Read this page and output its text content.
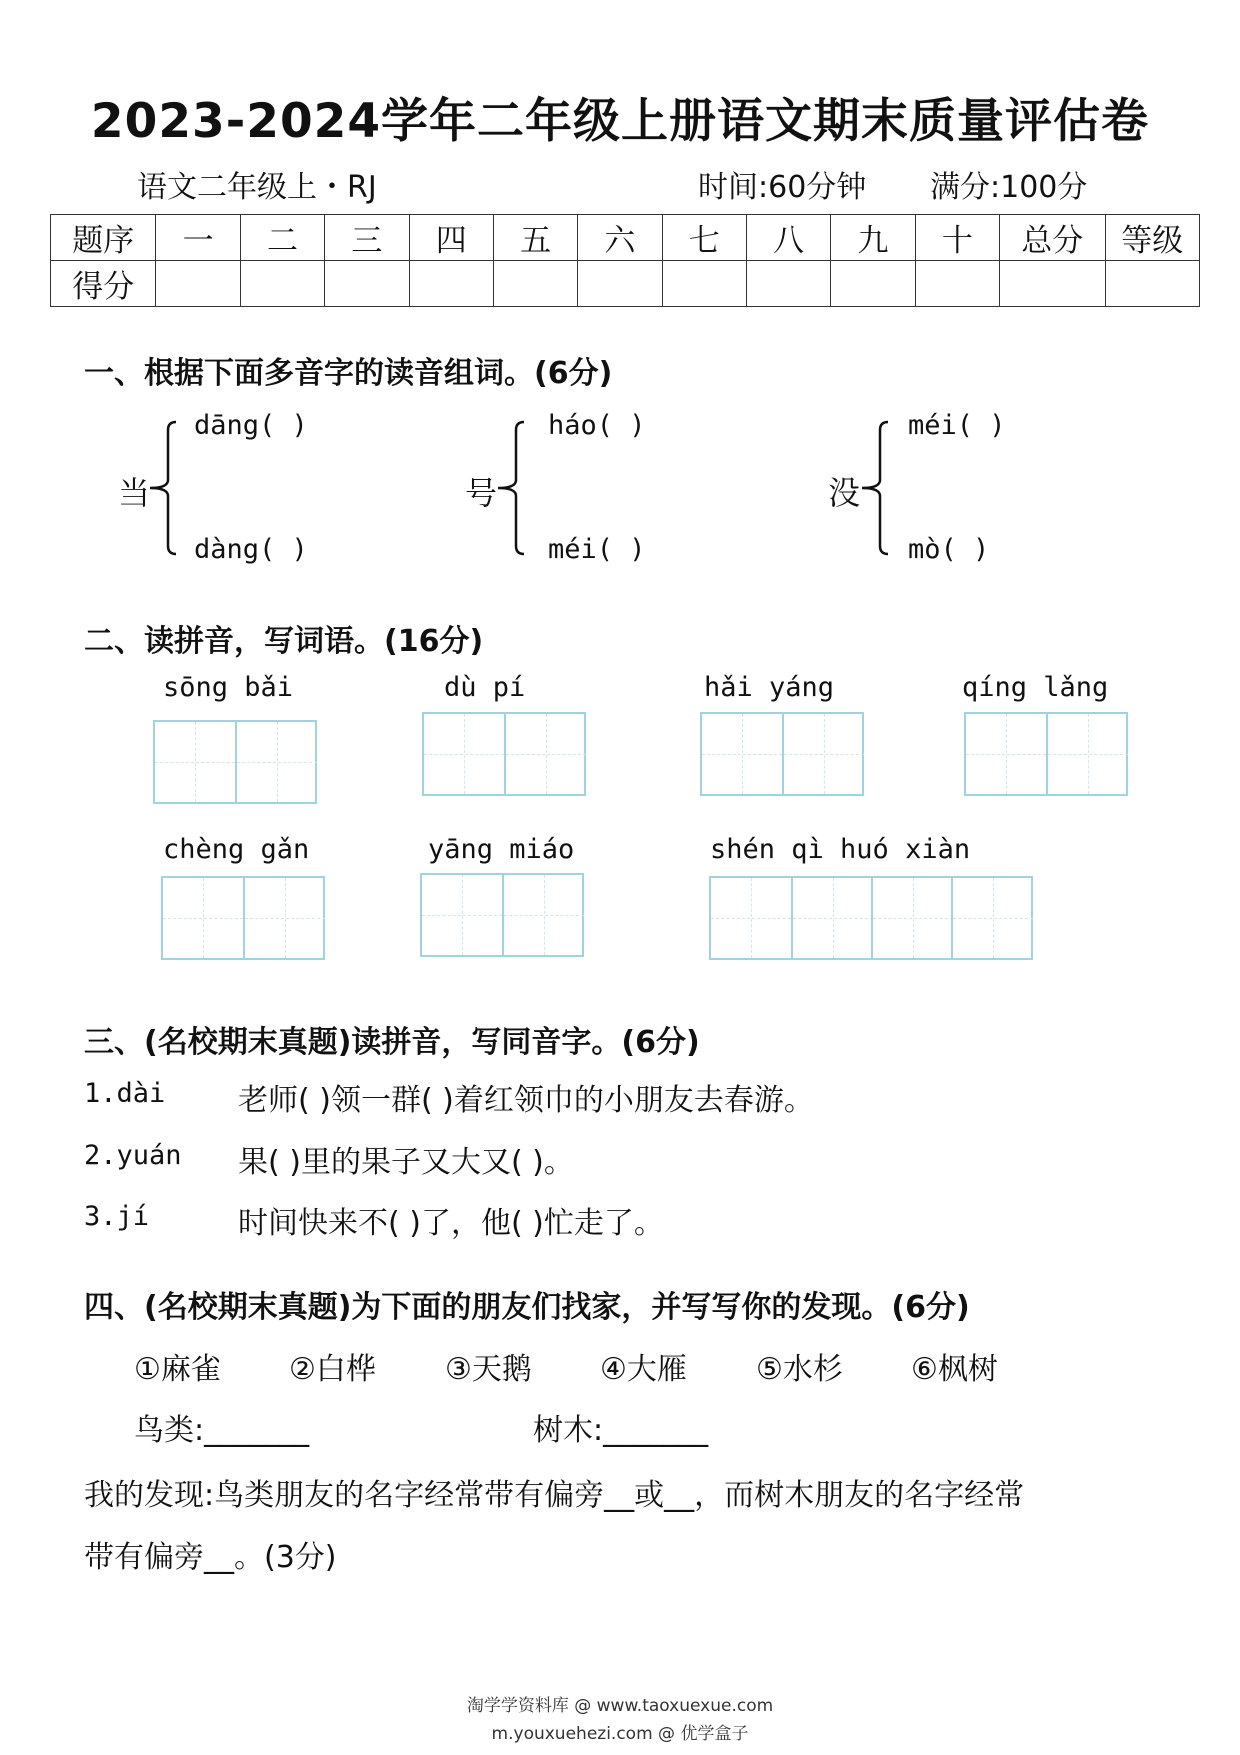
2023-2024学年二年级上册语文期末质量评估卷
语文二年级上・RJ	时间:60分钟 满分:100分
题序	一	二	三	四	五	六	七	八	九	十	总分	等级
得分												
一、根据下面多音字的读音组词。(6分)
当
dāng( )
dàng( )
号
háo( )
méi( )
没
méi( )
mò( )
二、读拼音，写词语。(16分)
sōng bǎi	dù pí	hǎi yáng	qíng lǎng
chèng gǎn	yāng miáo	shén qì huó xiàn
三、(名校期末真题)读拼音，写同音字。(6分)
1.dài 老师( )领一群( )着红领巾的小朋友去春游。
2.yuán 果( )里的果子又大又( )。
3.jí	时间快来不( )了，他( )忙走了。
四、(名校期末真题)为下面的朋友们找家，并写写你的发现。(6分)
①麻雀 ②白桦 ③天鹅 ④大雁 ⑤水杉 ⑥枫树
鸟类:_______	树木:_______
我的发现:鸟类朋友的名字经常带有偏旁__或__，而树木朋友的名字经常
带有偏旁__。(3分)
淘学学资料库 @ www.taoxuexue.com
m.youxuehezi.com @ 优学盒子
